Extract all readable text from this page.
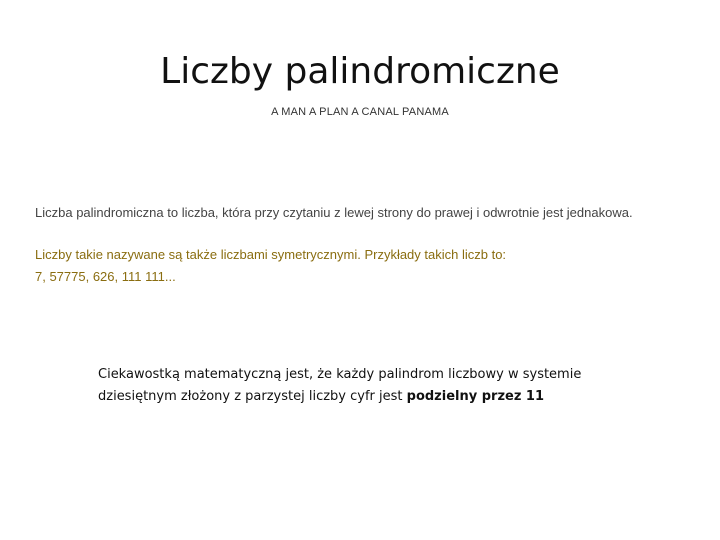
Liczby palindromiczne
A MAN A PLAN A CANAL PANAMA
Liczba palindromiczna to liczba, która przy czytaniu z lewej strony do prawej i odwrotnie jest jednakowa.
Liczby takie nazywane są także liczbami symetrycznymi. Przykłady takich liczb to:
7, 57775, 626, 111 111...
Ciekawostką matematyczną jest, że każdy palindrom liczbowy w systemie
dziesiętnym złożony z parzystej liczby cyfr jest podzielny przez 11
